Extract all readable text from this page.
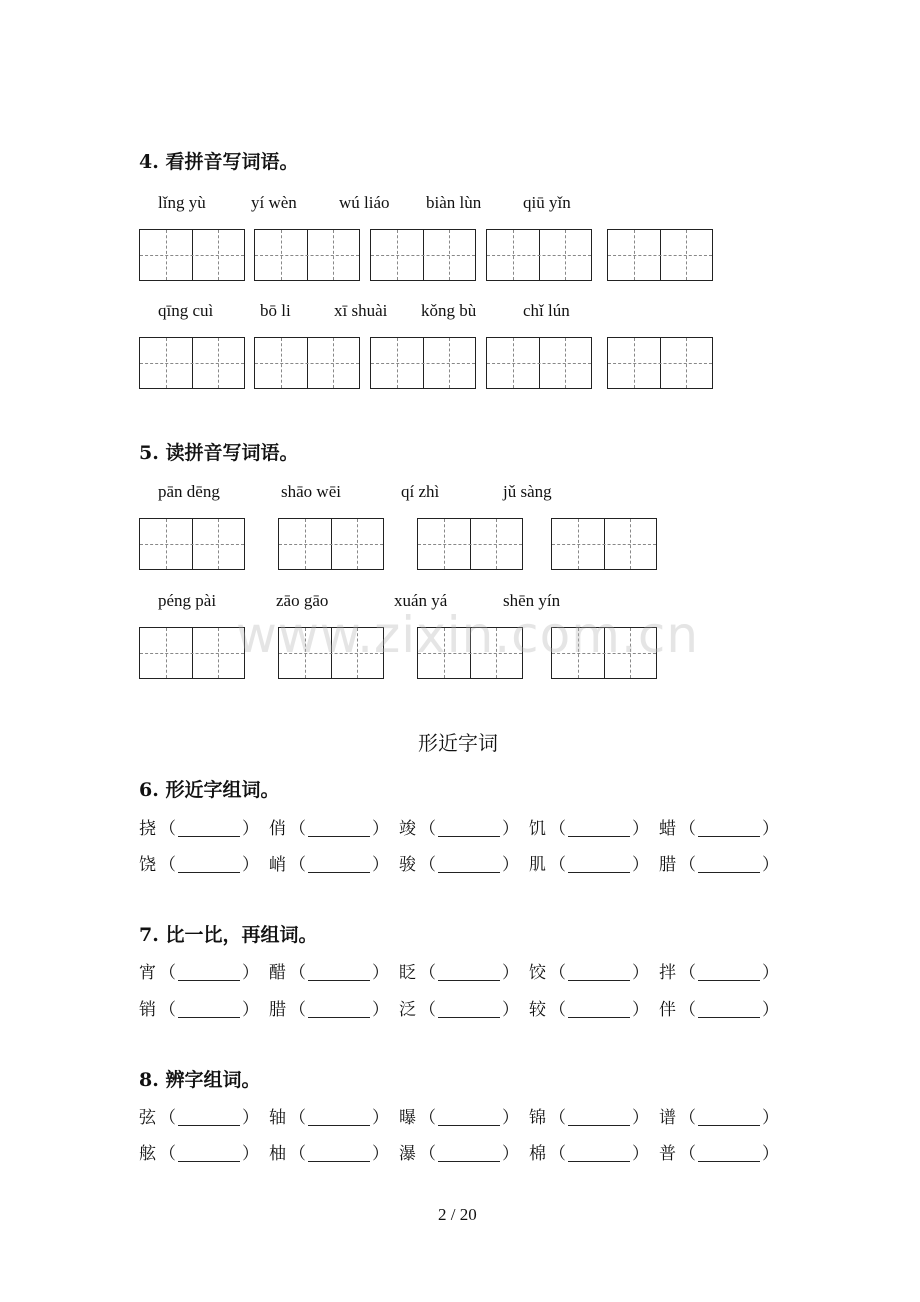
4. 看拼音写词语。
lǐng yù	yí wèn wú liáo biàn lùn qiū yǐn
qīng cuì	bō li	xī shuài kǒng bù	chǐ lún
5. 读拼音写词语。
pān dēng	shāo wēi	qí zhì	jǔ sàng
péng pài	zāo gāo	xuán yá	shēn yín
www.zixin.com.cn
形近字词
6. 形近字组词。
挠 （	） 俏 （	） 竣 （	） 饥 （	） 蜡 （	）
饶 （	） 峭 （	） 骏 （	） 肌 （	） 腊 （	）
7. 比一比，再组词。
宵 （	） 醋 （	） 眨 （	） 饺 （	） 拌 （	）
销 （	） 腊 （	） 泛 （	） 较 （	） 伴 （	）
8. 辨字组词。
弦 （	） 轴 （	） 曝 （	） 锦 （	） 谱 （	）
舷 （	） 柚 （	） 瀑 （	） 棉 （	） 普 （	）
2 / 20
